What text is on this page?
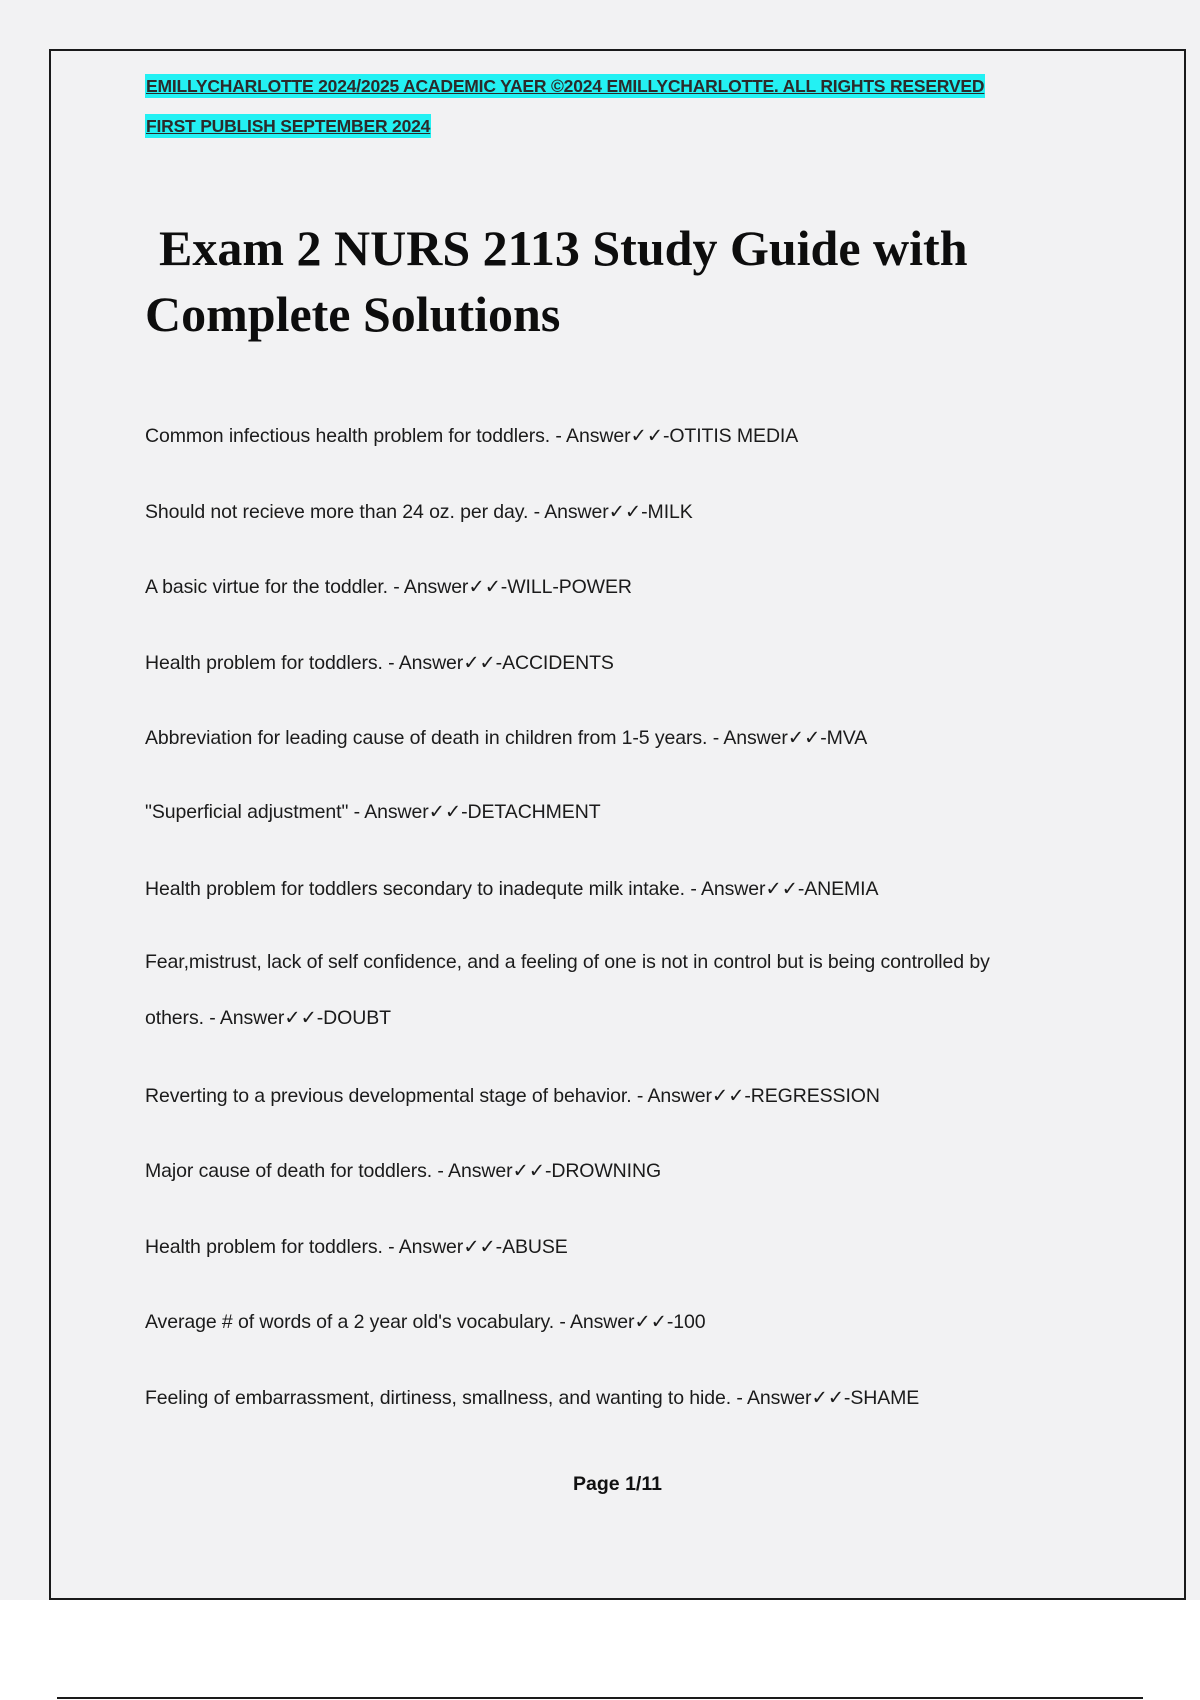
EMILLYCHARLOTTE 2024/2025 ACADEMIC YAER ©2024 EMILLYCHARLOTTE. ALL RIGHTS RESERVED
FIRST PUBLISH SEPTEMBER 2024
Exam 2 NURS 2113 Study Guide with
Complete Solutions
Common infectious health problem for toddlers. - Answer✓✓-OTITIS MEDIA
Should not recieve more than 24 oz. per day. - Answer✓✓-MILK
A basic virtue for the toddler. - Answer✓✓-WILL-POWER
Health problem for toddlers. - Answer✓✓-ACCIDENTS
Abbreviation for leading cause of death in children from 1-5 years. - Answer✓✓-MVA
"Superficial adjustment" - Answer✓✓-DETACHMENT
Health problem for toddlers secondary to inadequte milk intake. - Answer✓✓-ANEMIA
Fear,mistrust, lack of self confidence, and a feeling of one is not in control but is being controlled by others. - Answer✓✓-DOUBT
Reverting to a previous developmental stage of behavior. - Answer✓✓-REGRESSION
Major cause of death for toddlers. - Answer✓✓-DROWNING
Health problem for toddlers. - Answer✓✓-ABUSE
Average # of words of a 2 year old's vocabulary. - Answer✓✓-100
Feeling of embarrassment, dirtiness, smallness, and wanting to hide. - Answer✓✓-SHAME
Page 1/11
